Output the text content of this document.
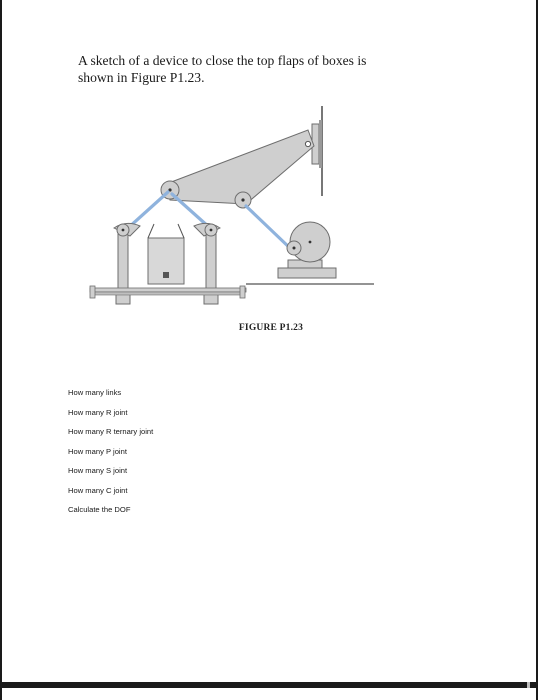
A sketch of a device to close the top flaps of boxes is shown in Figure P1.23.

FIGURE P1.23
How many links
How many R joint
How many R ternary joint
How many P joint
How many S joint
How many C joint
Calculate the DOF
